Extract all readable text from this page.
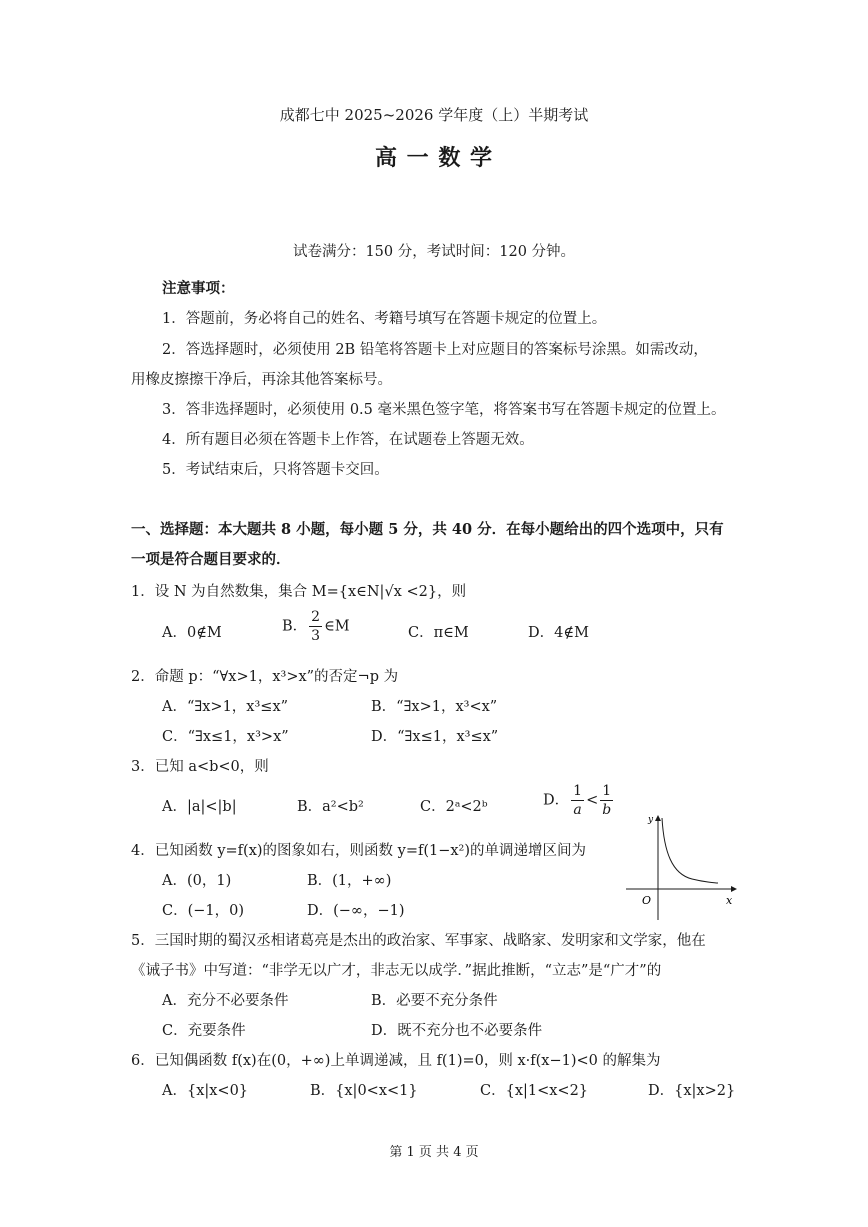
成都七中 2025~2026 学年度（上）半期考试
高 一 数 学
试卷满分：150 分，考试时间：120 分钟。
注意事项：
1．答题前，务必将自己的姓名、考籍号填写在答题卡规定的位置上。
2．答选择题时，必须使用 2B 铅笔将答题卡上对应题目的答案标号涂黑。如需改动，
用橡皮擦擦干净后，再涂其他答案标号。
3．答非选择题时，必须使用 0.5 毫米黑色签字笔，将答案书写在答题卡规定的位置上。
4．所有题目必须在答题卡上作答，在试题卷上答题无效。
5．考试结束后，只将答题卡交回。
一、选择题：本大题共 8 小题，每小题 5 分，共 40 分．在每小题给出的四个选项中，只有
一项是符合题目要求的．
1．设 N 为自然数集，集合 M={x∈N|√x <2}，则
A．0∉M	B． $\frac{2}{3}$ ∈M	C．π∈M	D．4∉M
2．命题 p：“∀x>1，x³>x”的否定¬p 为
A．“∃x>1，x³≤x”	B．“∃x>1，x³<x”
C．“∃x≤1，x³>x”	D．“∃x≤1，x³≤x”
3．已知 a<b<0，则
A．|a|<|b|	B．a²<b²	C．2ᵃ<2ᵇ	D． $\frac{1}{a} < \frac{1}{b}$
4．已知函数 y=f(x)的图象如右，则函数 y=f(1−x²)的单调递增区间为
A．(0，1)	B．(1，+∞)
C．(−1，0)	D．(−∞，−1)
y
x
O
5．三国时期的蜀汉丞相诸葛亮是杰出的政治家、军事家、战略家、发明家和文学家，他在
《诫子书》中写道：“非学无以广才，非志无以成学．”据此推断，“立志”是“广才”的
A．充分不必要条件	B．必要不充分条件
C．充要条件	D．既不充分也不必要条件
6．已知偶函数 f(x)在(0，+∞)上单调递减，且 f(1)=0，则 x·f(x−1)<0 的解集为
A．{x|x<0}	B．{x|0<x<1}	C．{x|1<x<2}	D．{x|x>2}
第 1 页 共 4 页
